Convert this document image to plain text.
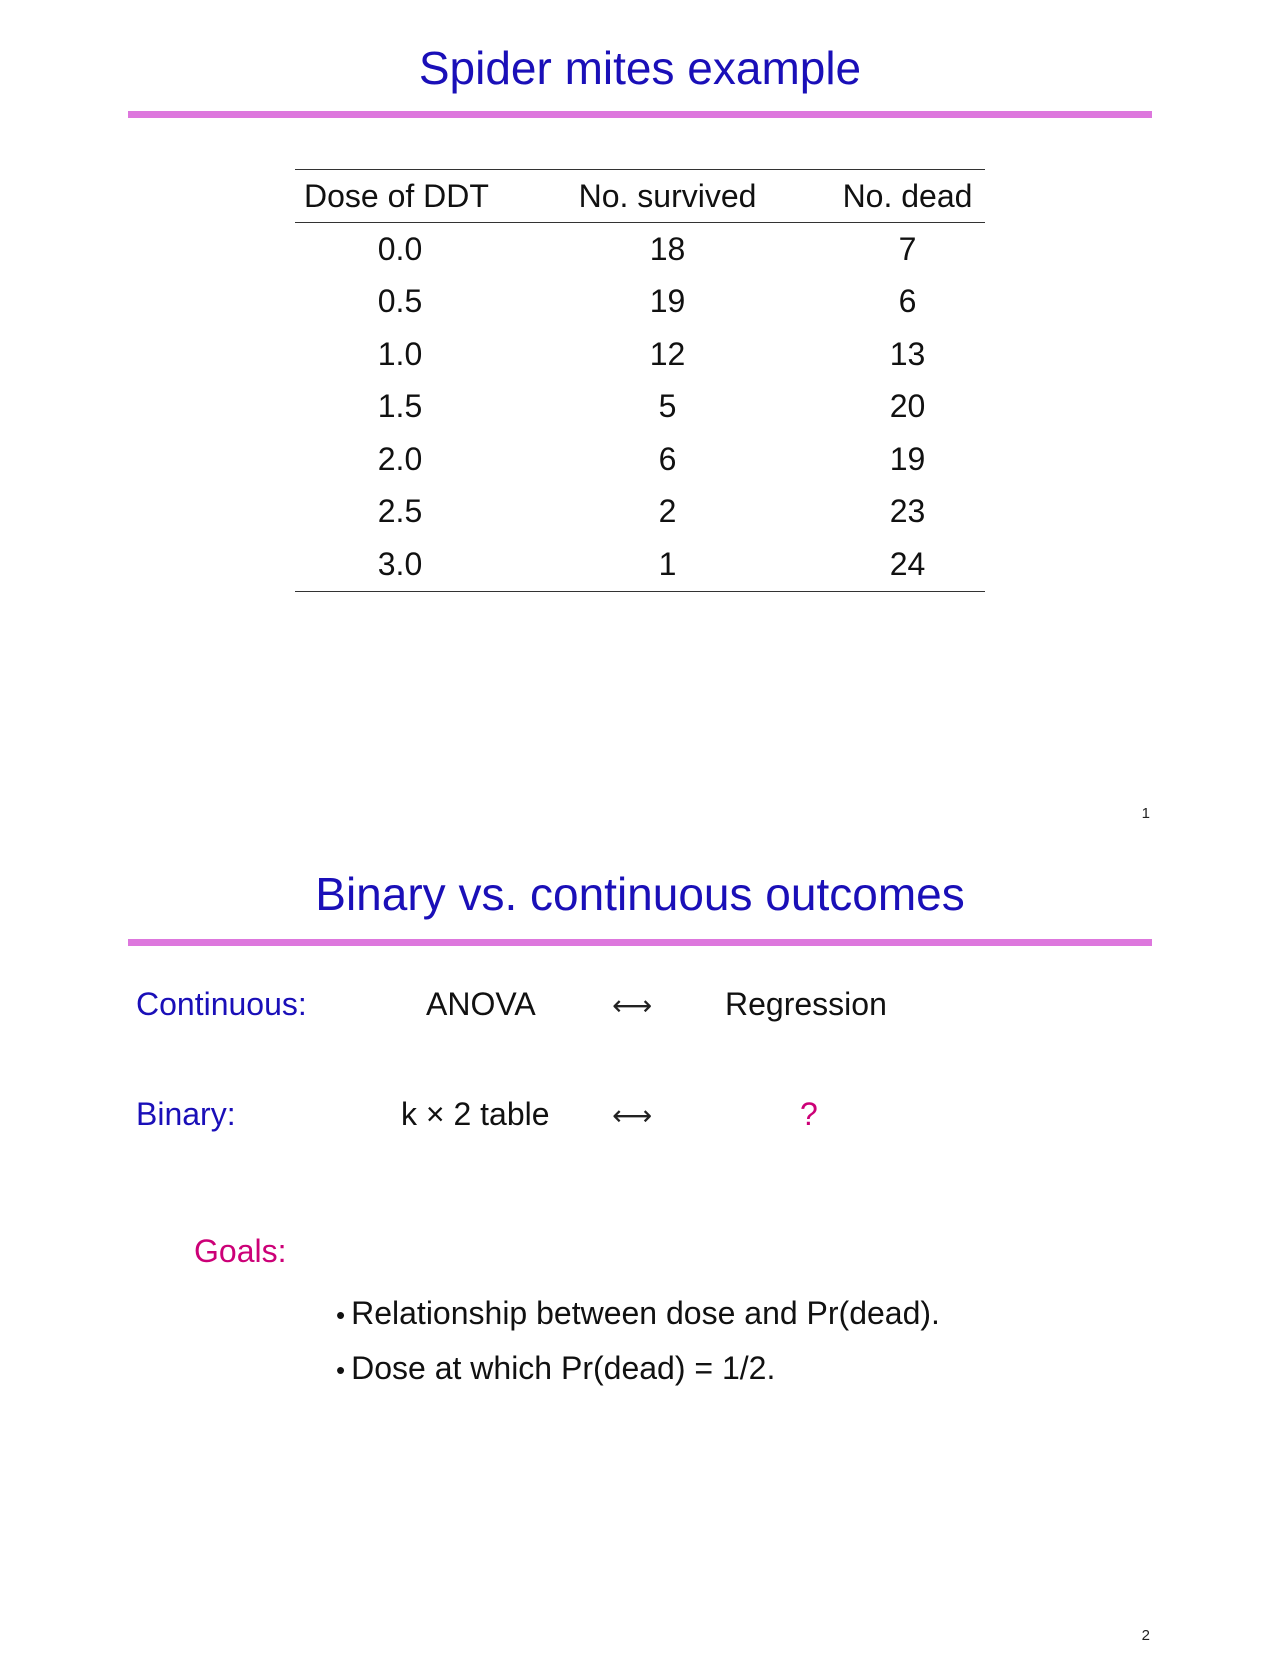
Spider mites example
Dose of DDT	No. survived	No. dead
0.0	18	7
0.5	19	6
1.0	12	13
1.5	5	20
2.0	6	19
2.5	2	23
3.0	1	24
1
Binary vs. continuous outcomes
Continuous:	ANOVA	⟷ Regression
Binary:	k × 2 table ⟷	?
Goals:
• Relationship between dose and Pr(dead).
• Dose at which Pr(dead) = 1/2.
2
